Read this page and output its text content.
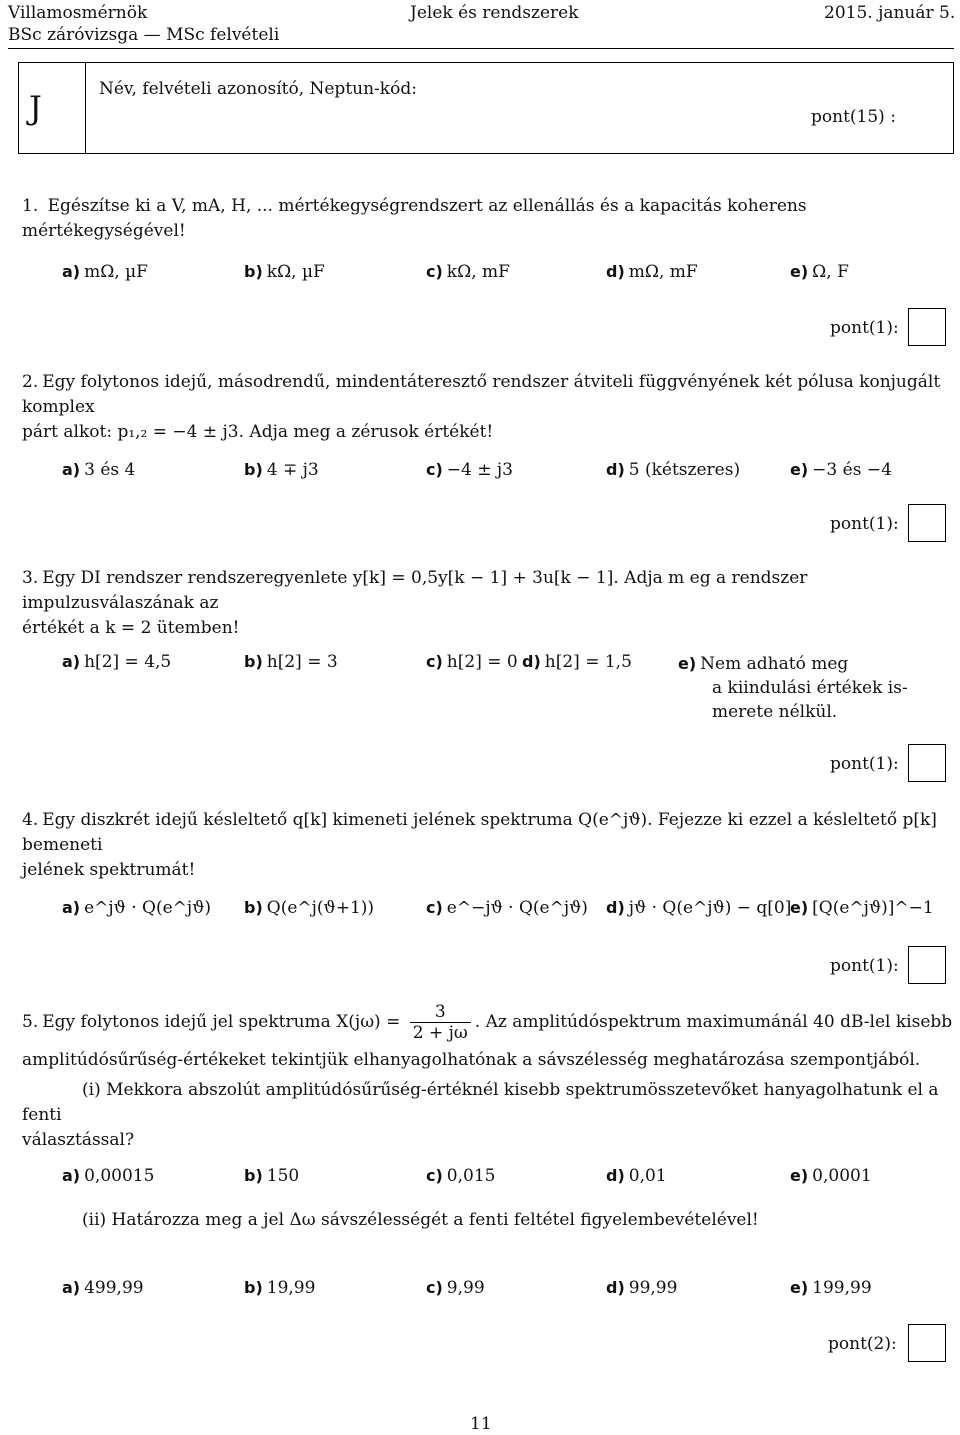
Villamosmérnök
BSc záróvizsga — MSc felvételi
Jelek és rendszerek	2015. január 5.
J	Név, felvételi azonosító, Neptun-kód:
pont(15) :
1. Egészítse ki a V, mA, H, ... mértékegységrendszert az ellenállás és a kapacitás koherens mértékegységével!
a) mΩ, µF	b) kΩ, µF	c) kΩ, mF	d) mΩ, mF	e) Ω, F
pont(1):
2. Egy folytonos idejű, másodrendű, mindentáteresztő rendszer átviteli függvényének két pólusa konjugált komplex
párt alkot: p₁,₂ = −4 ± j3. Adja meg a zérusok értékét!
a) 3 és 4	b) 4 ∓ j3	c) −4 ± j3	d) 5 (kétszeres)	e) −3 és −4
pont(1):
3. Egy DI rendszer rendszeregyenlete y[k] = 0,5y[k − 1] + 3u[k − 1]. Adja m eg a rendszer impulzusválaszának az
értékét a k = 2 ütemben!
a) h[2] = 4,5	b) h[2] = 3	c) h[2] = 0 d) h[2] = 1,5	e) Nem adható meg
a kiindulási értékek is-
merete nélkül.
pont(1):
4. Egy diszkrét idejű késleltető q[k] kimeneti jelének spektruma Q(e^jϑ). Fejezze ki ezzel a késleltető p[k] bemeneti
jelének spektrumát!
a) e^jϑ · Q(e^jϑ) b) Q(e^j(ϑ+1))	c) e^−jϑ · Q(e^jϑ) d) jϑ · Q(e^jϑ) − q[0]
e) [Q(e^jϑ)]^−1
pont(1):
5. Egy folytonos idejű jel spektruma $X(j\omega) = \frac{3}{2 + j\omega}$ . Az amplitúdóspektrum maximumánál 40 dB-lel kisebb
amplitúdósűrűség-értékeket tekintjük elhanyagolhatónak a sávszélesség meghatározása szempontjából.
(i) Mekkora abszolút amplitúdósűrűség-értéknél kisebb spektrumösszetevőket hanyagolhatunk el a fenti
választással?
a) 0,00015	b) 150	c) 0,015	d) 0,01	e) 0,0001
(ii) Határozza meg a jel Δω sávszélességét a fenti feltétel figyelembevételével!
a) 499,99	b) 19,99	c) 9,99	d) 99,99	e) 199,99
pont(2):
11
